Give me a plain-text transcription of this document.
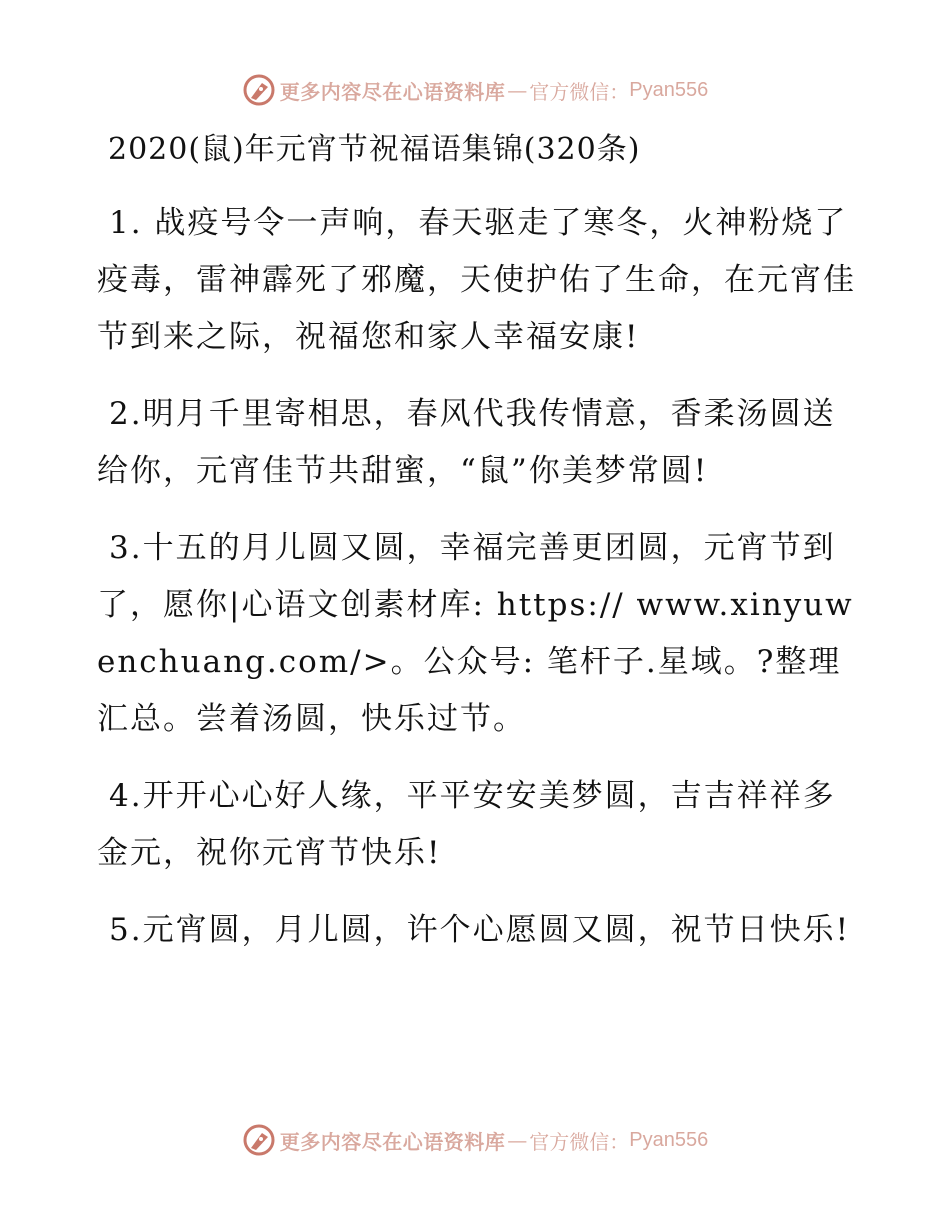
更多内容尽在心语资料库 — 官方微信： Pyan556
2020(鼠)年元宵节祝福语集锦(320条)

1. 战疫号令一声响，春天驱走了寒冬，火神粉烧了疫毒，雷神霹死了邪魔，天使护佑了生命，在元宵佳节到来之际，祝福您和家人幸福安康!

2.明月千里寄相思，春风代我传情意，香柔汤圆送给你，元宵佳节共甜蜜，“鼠”你美梦常圆!

3.十五的月儿圆又圆，幸福完善更团圆，元宵节到了，愿你|心语文创素材库: https:// www.xinyuwenchuang.com/>。公众号: 笔杆子.星域。?整理汇总。尝着汤圆，快乐过节。

4.开开心心好人缘，平平安安美梦圆，吉吉祥祥多金元，祝你元宵节快乐!

5.元宵圆，月儿圆，许个心愿圆又圆，祝节日快乐!

更多内容尽在心语资料库 — 官方微信： Pyan556
